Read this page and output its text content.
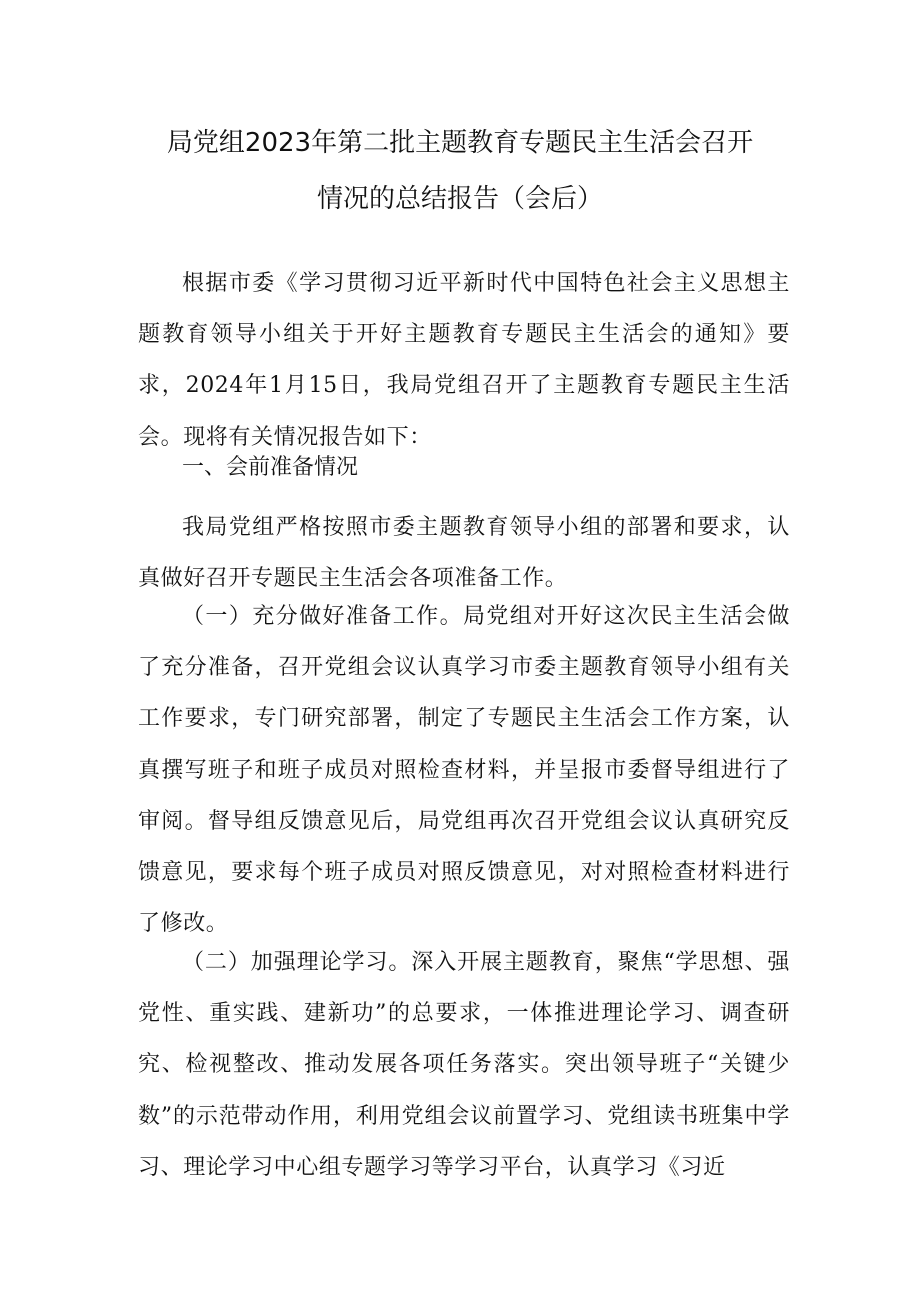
局党组2023年第二批主题教育专题民主生活会召开
情况的总结报告（会后）

根据市委《学习贯彻习近平新时代中国特色社会主义思想主题教育领导小组关于开好主题教育专题民主生活会的通知》要求，2024年1月15日，我局党组召开了主题教育专题民主生活会。现将有关情况报告如下：

一、会前准备情况

我局党组严格按照市委主题教育领导小组的部署和要求，认真做好召开专题民主生活会各项准备工作。

（一）充分做好准备工作。局党组对开好这次民主生活会做了充分准备，召开党组会议认真学习市委主题教育领导小组有关工作要求，专门研究部署，制定了专题民主生活会工作方案，认真撰写班子和班子成员对照检查材料，并呈报市委督导组进行了审阅。督导组反馈意见后，局党组再次召开党组会议认真研究反馈意见，要求每个班子成员对照反馈意见，对对照检查材料进行了修改。

（二）加强理论学习。深入开展主题教育，聚焦“学思想、强党性、重实践、建新功”的总要求，一体推进理论学习、调查研究、检视整改、推动发展各项任务落实。突出领导班子“关键少数”的示范带动作用，利用党组会议前置学习、党组读书班集中学习、理论学习中心组专题学习等学习平台，认真学习《习近
